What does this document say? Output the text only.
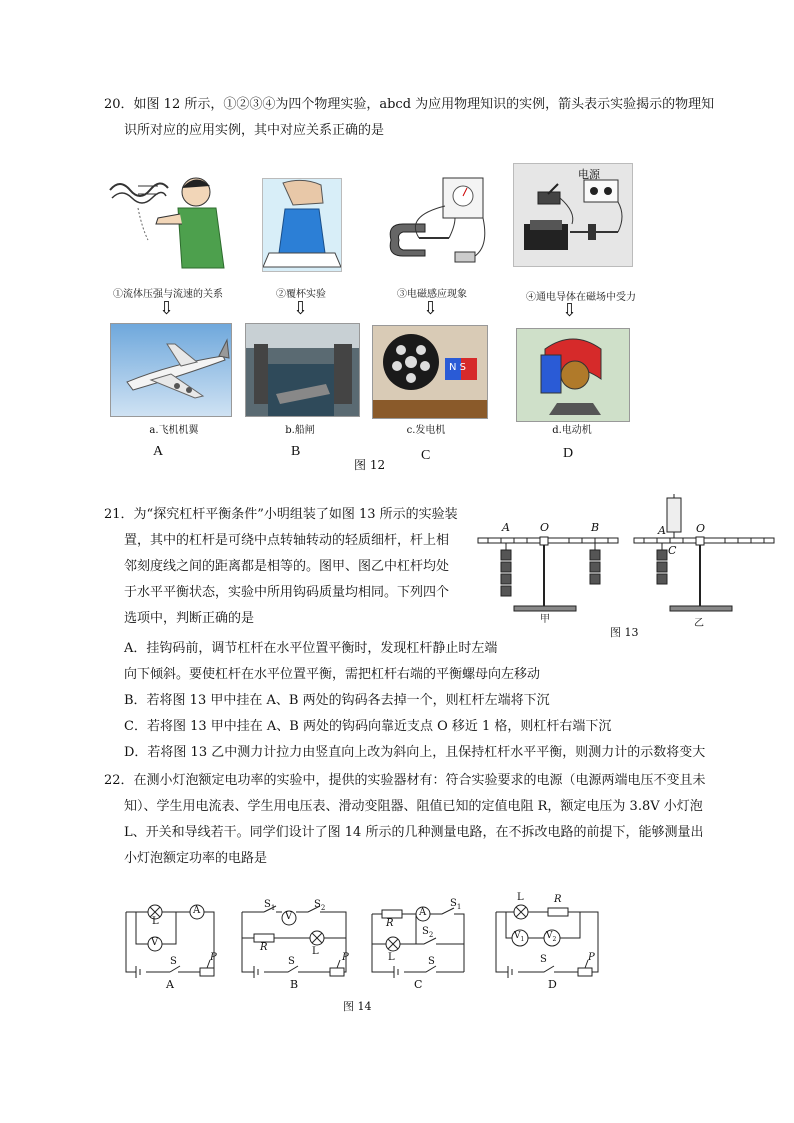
20．如图 12 所示，①②③④为四个物理实验，abcd 为应用物理知识的实例，箭头表示实验揭示的物理知
识所对应的应用实例，其中对应关系正确的是
电源
①流体压强与流速的关系	②覆杯实验	③电磁感应现象	④通电导体在磁场中受力
⇩	⇩	⇩	⇩
N S
a.飞机机翼	b.船闸	c.发电机	d.电动机
A	B	C	D
图 12
21．为“探究杠杆平衡条件”小明组装了如图 13 所示的实验装
置，其中的杠杆是可绕中点转轴转动的轻质细杆，杆上相
邻刻度线之间的距离都是相等的。图甲、图乙中杠杆均处
于水平平衡状态，实验中所用钩码质量均相同。下列四个
选项中，判断正确的是
A	O	B	A
C
O
甲	乙
图 13
A．挂钩码前，调节杠杆在水平位置平衡时，发现杠杆静止时左端
向下倾斜。要使杠杆在水平位置平衡，需把杠杆右端的平衡螺母向左移动
B．若将图 13 甲中挂在 A、B 两处的钩码各去掉一个，则杠杆左端将下沉
C．若将图 13 甲中挂在 A、B 两处的钩码向靠近支点 O 移近 1 格，则杠杆右端下沉
D．若将图 13 乙中测力计拉力由竖直向上改为斜向上，且保持杠杆水平平衡，则测力计的示数将变大
22．在测小灯泡额定电功率的实验中，提供的实验器材有：符合实验要求的电源（电源两端电压不变且未
知）、学生用电流表、学生用电压表、滑动变阻器、阻值已知的定值电阻 R，额定电压为 3.8V 小灯泡
L、开关和导线若干。同学们设计了图 14 所示的几种测量电路，在不拆改电路的前提下，能够测量出
小灯泡额定功率的电路是
L
A
V
S	P
A
$S_1$
V
$S_2$
R	L
S	P
B
R
A
$S_1$
$S_2$
L	S
C
L	R
$V_1$ $V_2$
S	P
D
图 14
